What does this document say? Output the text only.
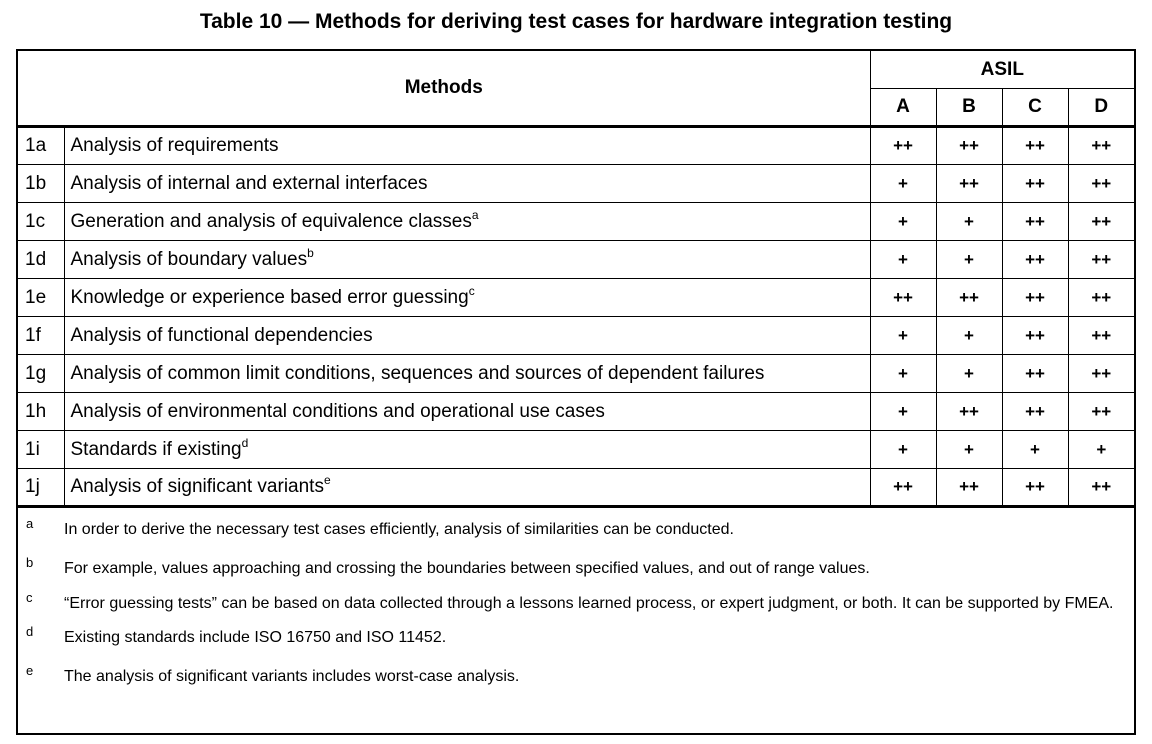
Table 10 — Methods for deriving test cases for hardware integration testing
Methods		ASIL			
		A	B	C	D
1a	Analysis of requirements	++	++	++	++
1b	Analysis of internal and external interfaces	+	++	++	++
1c	Generation and analysis of equivalence classes$^a$	+	+	++	++
1d	Analysis of boundary values$^b$	+	+	++	++
1e	Knowledge or experience based error guessing$^c$	++	++	++	++
1f	Analysis of functional dependencies	+	+	++	++
1g	Analysis of common limit conditions, sequences and sources of dependent failures	+	+	++	++
1h	Analysis of environmental conditions and operational use cases	+	++	++	++
1i	Standards if existing$^d$	+	+	+	+
1j	Analysis of significant variants$^e$	++	++	++	++

a	In order to derive the necessary test cases efficiently, analysis of similarities can be conducted.

b	For example, values approaching and crossing the boundaries between specified values, and out of range values.

c	“Error guessing tests” can be based on data collected through a lessons learned process, or expert judgment, or both. It can be supported by FMEA.

d	Existing standards include ISO 16750 and ISO 11452.

e	The analysis of significant variants includes worst-case analysis.
